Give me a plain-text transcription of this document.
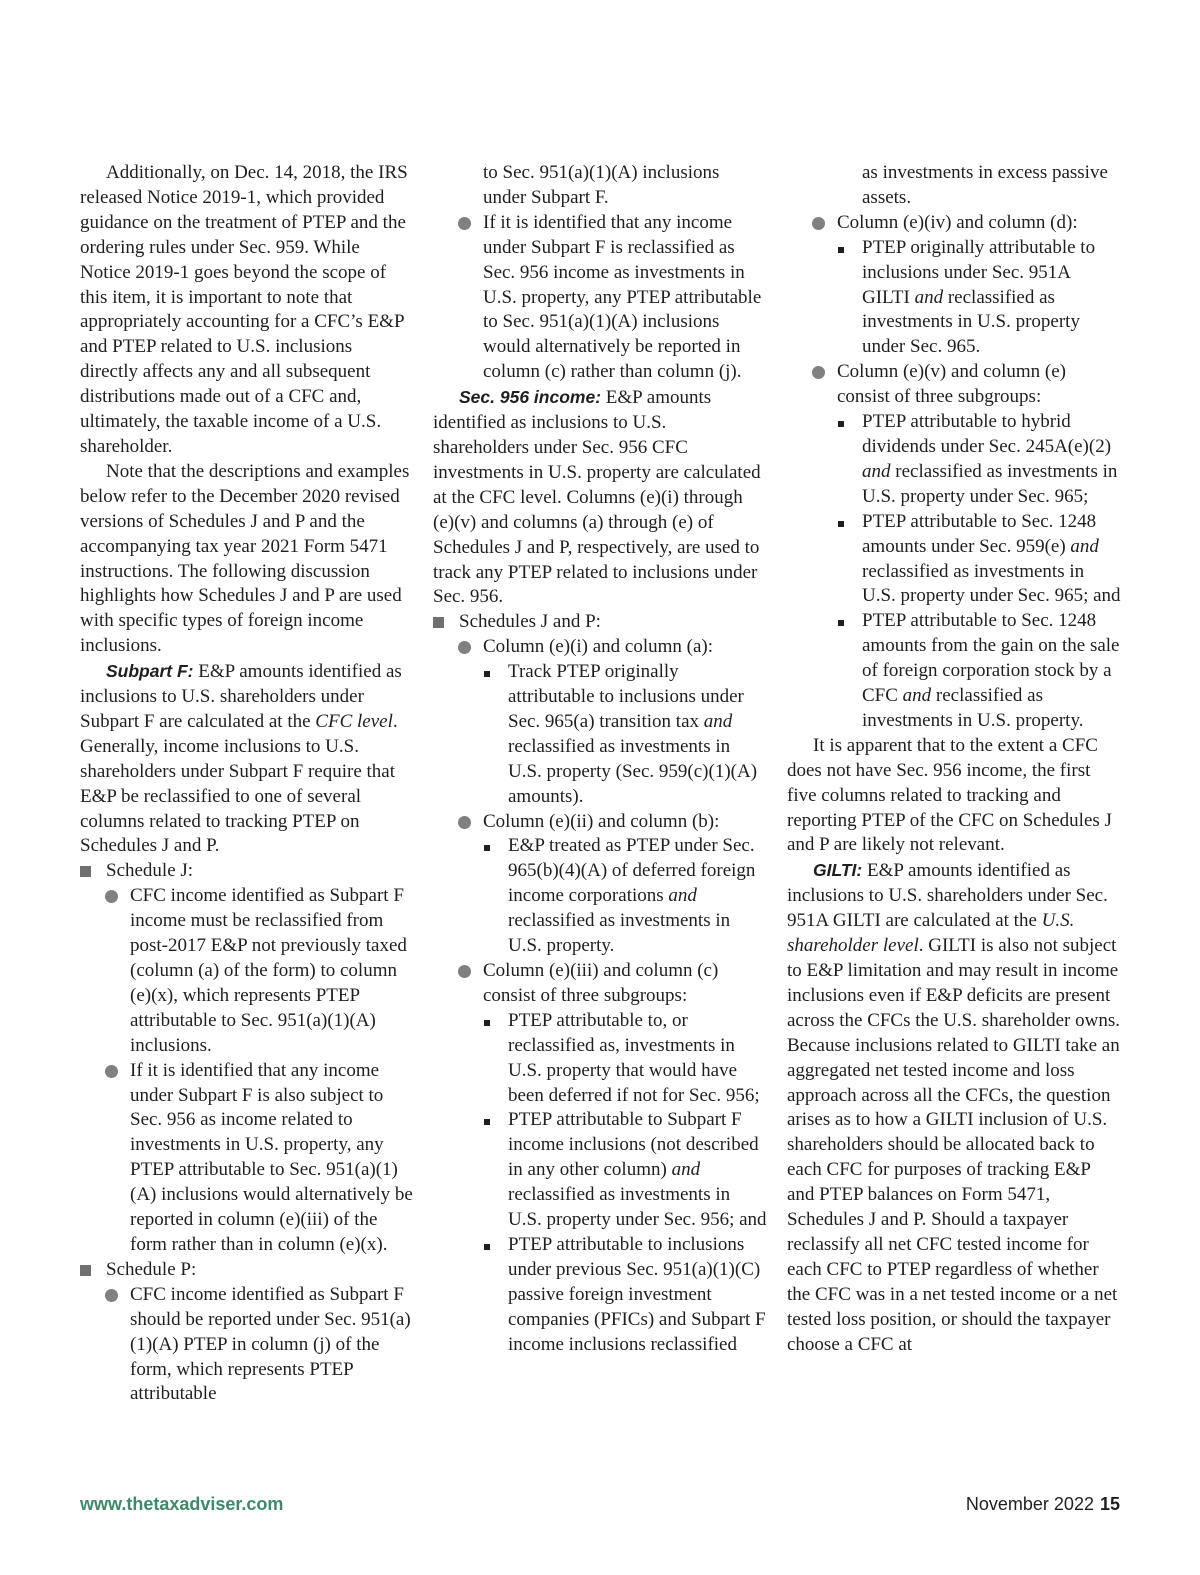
Additionally, on Dec. 14, 2018, the IRS released Notice 2019-1, which provided guidance on the treatment of PTEP and the ordering rules under Sec. 959. While Notice 2019-1 goes beyond the scope of this item, it is important to note that appropriately accounting for a CFC’s E&P and PTEP related to U.S. inclusions directly affects any and all subsequent distributions made out of a CFC and, ultimately, the taxable income of a U.S. shareholder.

Note that the descriptions and examples below refer to the December 2020 revised versions of Schedules J and P and the accompanying tax year 2021 Form 5471 instructions. The following discussion highlights how Schedules J and P are used with specific types of foreign income inclusions.

Subpart F: E&P amounts identified as inclusions to U.S. shareholders under Subpart F are calculated at the CFC level. Generally, income inclusions to U.S. shareholders under Subpart F require that E&P be reclassified to one of several columns related to tracking PTEP on Schedules J and P.

Schedule J:
CFC income identified as Subpart F income must be reclassified from post-2017 E&P not previously taxed (column (a) of the form) to column (e)(x), which represents PTEP attributable to Sec. 951(a)(1)(A) inclusions.
If it is identified that any income under Subpart F is also subject to Sec. 956 as income related to investments in U.S. property, any PTEP attributable to Sec. 951(a)(1)(A) inclusions would alternatively be reported in column (e)(iii) of the form rather than in column (e)(x).
Schedule P:
CFC income identified as Subpart F should be reported under Sec. 951(a)(1)(A) PTEP in column (j) of the form, which represents PTEP attributable
to Sec. 951(a)(1)(A) inclusions under Subpart F.
If it is identified that any income under Subpart F is reclassified as Sec. 956 income as investments in U.S. property, any PTEP attributable to Sec. 951(a)(1)(A) inclusions would alternatively be reported in column (c) rather than column (j).

Sec. 956 income: E&P amounts identified as inclusions to U.S. shareholders under Sec. 956 CFC investments in U.S. property are calculated at the CFC level. Columns (e)(i) through (e)(v) and columns (a) through (e) of Schedules J and P, respectively, are used to track any PTEP related to inclusions under Sec. 956.

Schedules J and P:
Column (e)(i) and column (a):
Track PTEP originally attributable to inclusions under Sec. 965(a) transition tax and reclassified as investments in U.S. property (Sec. 959(c)(1)(A) amounts).
Column (e)(ii) and column (b):
E&P treated as PTEP under Sec. 965(b)(4)(A) of deferred foreign income corporations and reclassified as investments in U.S. property.
Column (e)(iii) and column (c) consist of three subgroups:
PTEP attributable to, or reclassified as, investments in U.S. property that would have been deferred if not for Sec. 956;
PTEP attributable to Subpart F income inclusions (not described in any other column) and reclassified as investments in U.S. property under Sec. 956; and
PTEP attributable to inclusions under previous Sec. 951(a)(1)(C) passive foreign investment companies (PFICs) and Subpart F income inclusions reclassified
as investments in excess passive assets.
Column (e)(iv) and column (d):
PTEP originally attributable to inclusions under Sec. 951A GILTI and reclassified as investments in U.S. property under Sec. 965.
Column (e)(v) and column (e) consist of three subgroups:
PTEP attributable to hybrid dividends under Sec. 245A(e)(2) and reclassified as investments in U.S. property under Sec. 965;
PTEP attributable to Sec. 1248 amounts under Sec. 959(e) and reclassified as investments in U.S. property under Sec. 965; and
PTEP attributable to Sec. 1248 amounts from the gain on the sale of foreign corporation stock by a CFC and reclassified as investments in U.S. property.

It is apparent that to the extent a CFC does not have Sec. 956 income, the first five columns related to tracking and reporting PTEP of the CFC on Schedules J and P are likely not relevant.

GILTI: E&P amounts identified as inclusions to U.S. shareholders under Sec. 951A GILTI are calculated at the U.S. shareholder level. GILTI is also not subject to E&P limitation and may result in income inclusions even if E&P deficits are present across the CFCs the U.S. shareholder owns. Because inclusions related to GILTI take an aggregated net tested income and loss approach across all the CFCs, the question arises as to how a GILTI inclusion of U.S. shareholders should be allocated back to each CFC for purposes of tracking E&P and PTEP balances on Form 5471, Schedules J and P. Should a taxpayer reclassify all net CFC tested income for each CFC to PTEP regardless of whether the CFC was in a net tested income or a net tested loss position, or should the taxpayer choose a CFC at

www.thetaxadviser.com	November 2022 15
